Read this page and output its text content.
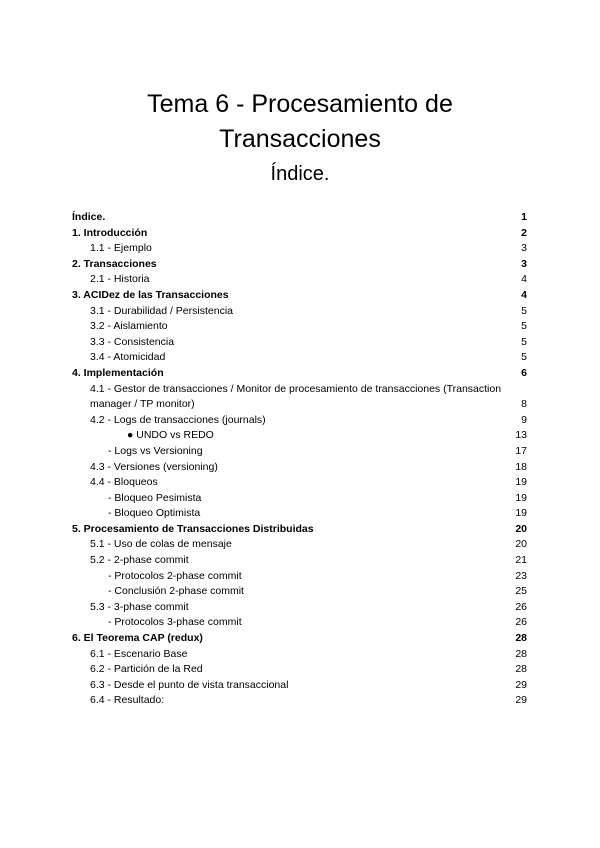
Tema 6 - Procesamiento de
Transacciones
Índice.
Índice.	1
1. Introducción	2
1.1 - Ejemplo	3
2. Transacciones	3
2.1 - Historia	4
3. ACIDez de las Transacciones	4
3.1 - Durabilidad / Persistencia	5
3.2 - Aislamiento	5
3.3 - Consistencia	5
3.4 - Atomicidad	5
4. Implementación	6
4.1 - Gestor de transacciones / Monitor de procesamiento de transacciones (Transaction manager / TP monitor)	8
4.2 - Logs de transacciones (journals)	9
● UNDO vs REDO	13
- Logs vs Versioning	17
4.3 - Versiones (versioning)	18
4.4 - Bloqueos	19
- Bloqueo Pesimista	19
- Bloqueo Optimista	19
5. Procesamiento de Transacciones Distribuidas	20
5.1 - Uso de colas de mensaje	20
5.2 - 2-phase commit	21
- Protocolos 2-phase commit	23
- Conclusión 2-phase commit	25
5.3 - 3-phase commit	26
- Protocolos 3-phase commit	26
6. El Teorema CAP (redux)	28
6.1 - Escenario Base	28
6.2 - Partición de la Red	28
6.3 - Desde el punto de vista transaccional	29
6.4 - Resultado:	29
